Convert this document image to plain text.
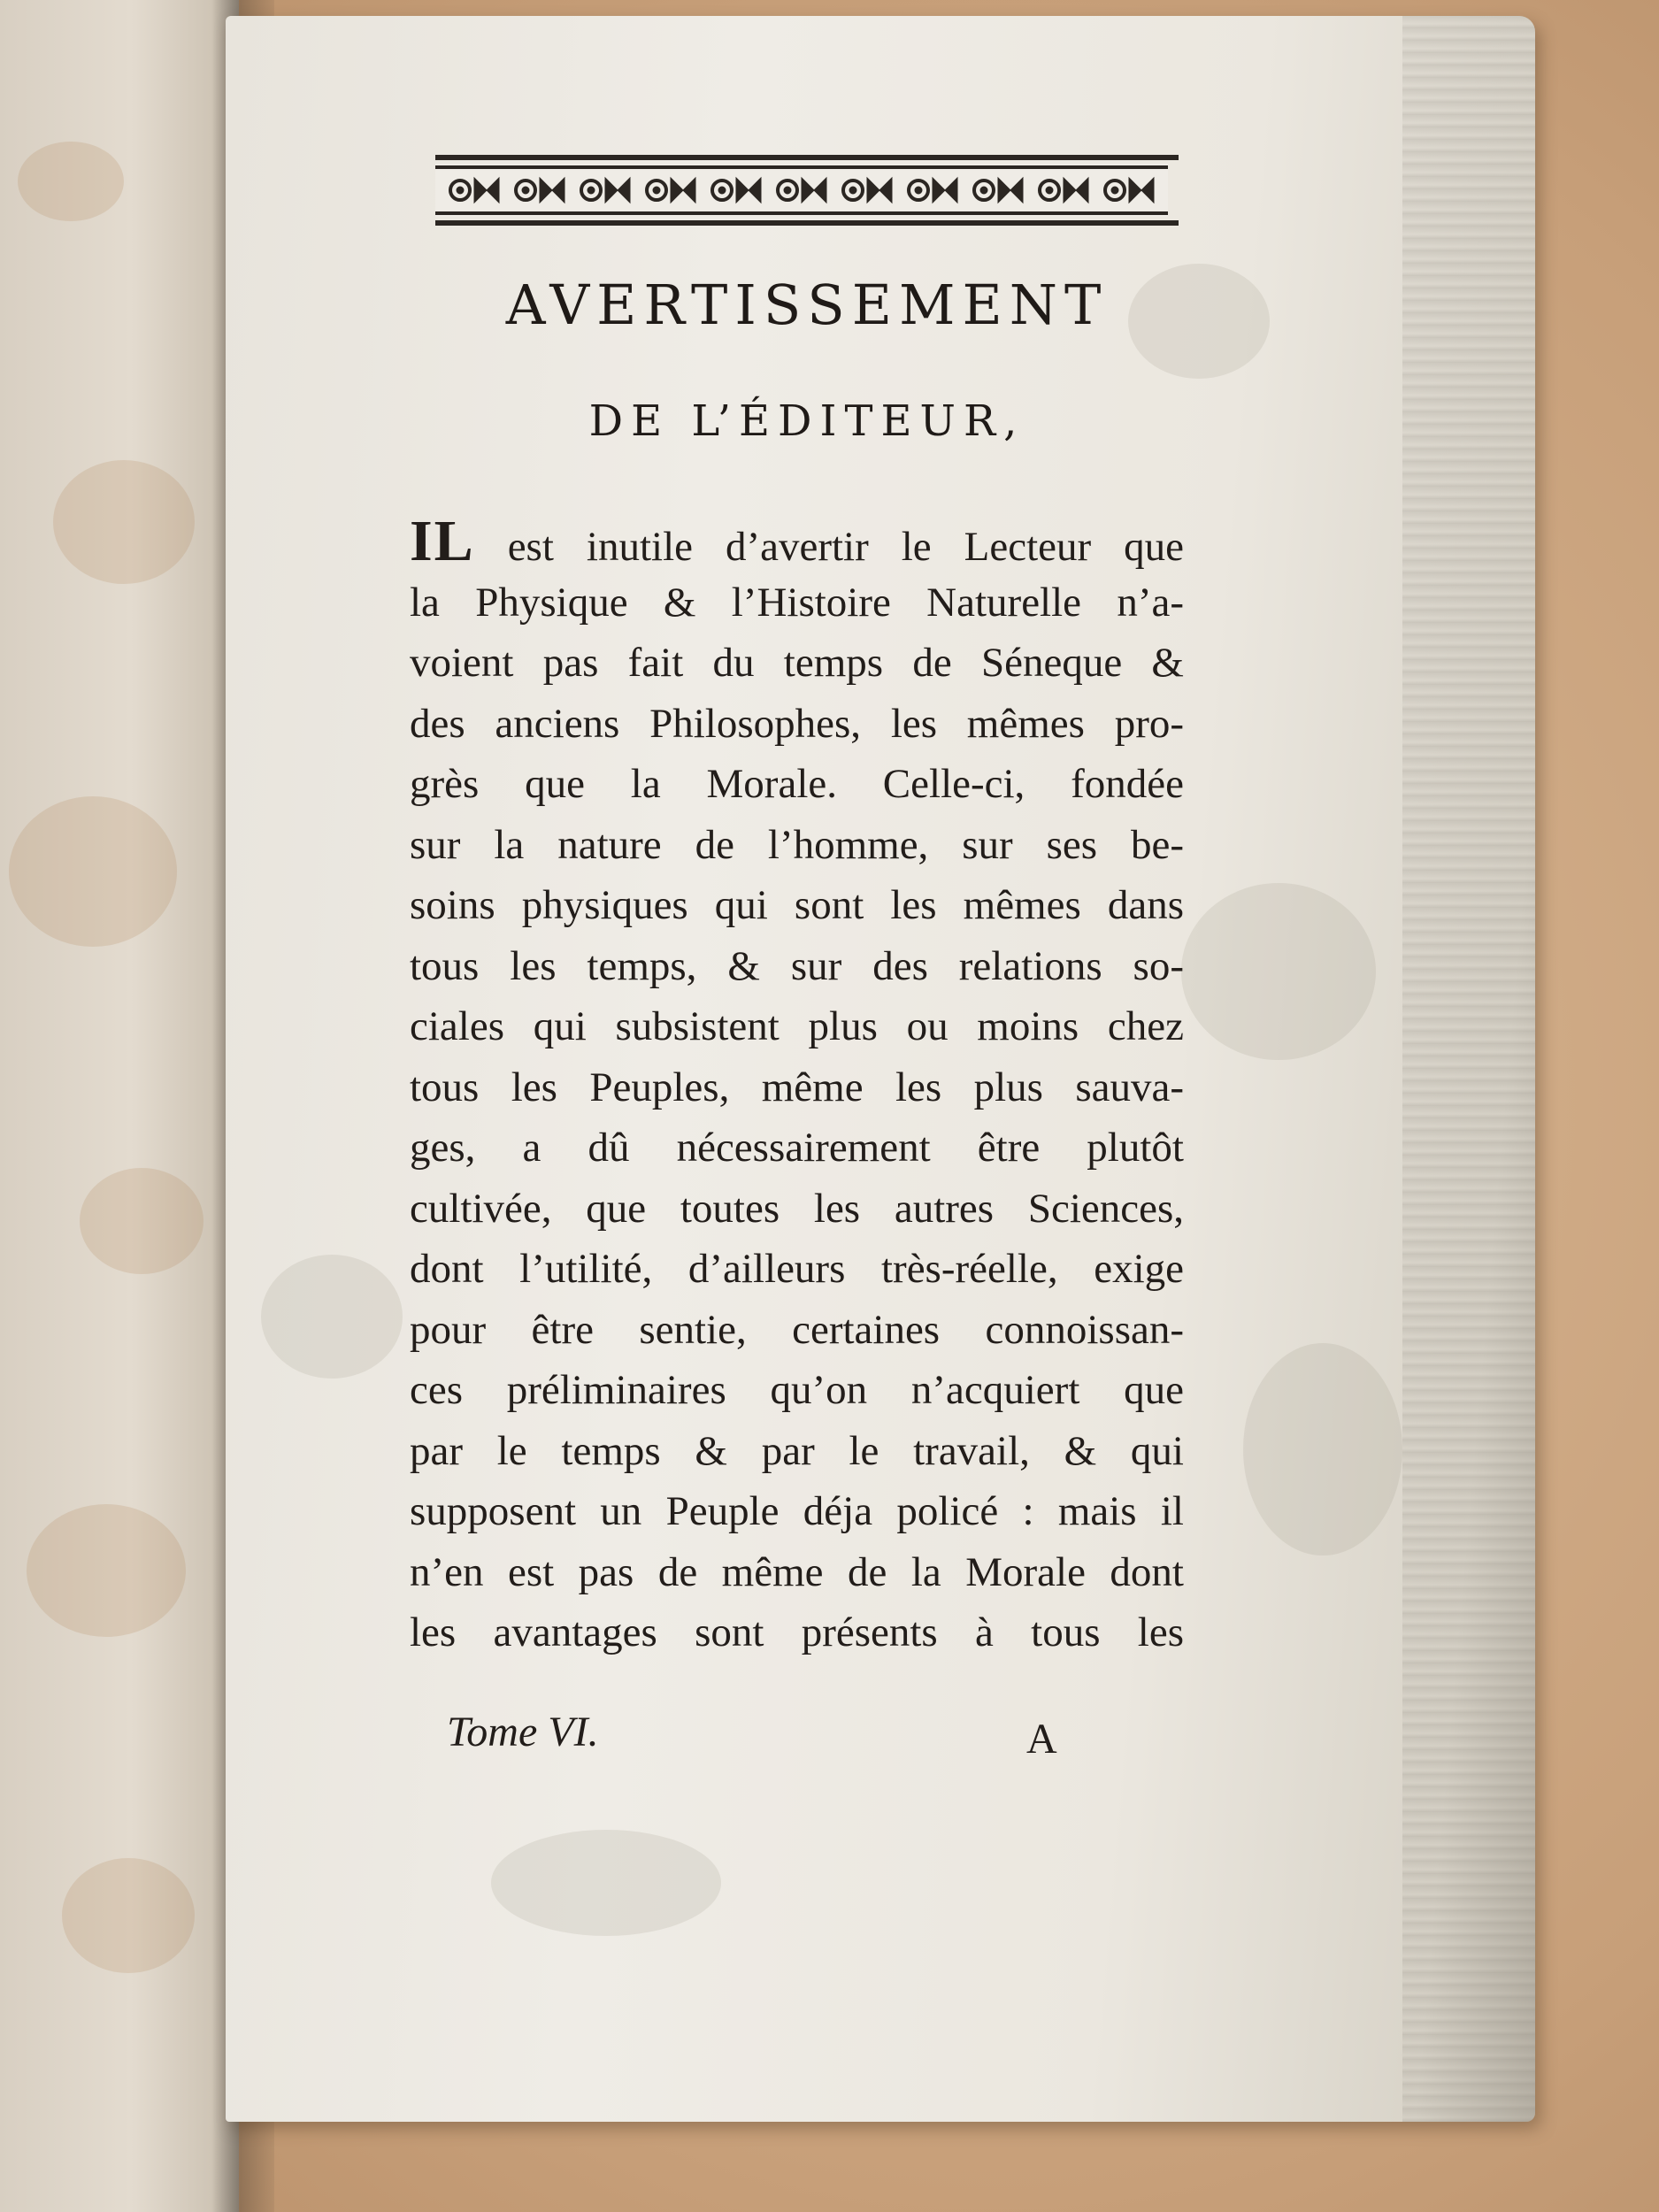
AVERTISSEMENT
DE L’ÉDITEUR,
IL est inutile d’avertir le Lecteur que
la Physique & l’Histoire Naturelle n’a-
voient pas fait du temps de Séneque &
des anciens Philosophes, les mêmes pro-
grès que la Morale. Celle-ci, fondée
sur la nature de l’homme, sur ses be-
soins physiques qui sont les mêmes dans
tous les temps, & sur des relations so-
ciales qui subsistent plus ou moins chez
tous les Peuples, même les plus sauva-
ges, a dû nécessairement être plutôt
cultivée, que toutes les autres Sciences,
dont l’utilité, d’ailleurs très-réelle, exige
pour être sentie, certaines connoissan-
ces préliminaires qu’on n’acquiert que
par le temps & par le travail, & qui
supposent un Peuple déja policé : mais il
n’en est pas de même de la Morale dont
les avantages sont présents à tous les

Tome VI.	A
